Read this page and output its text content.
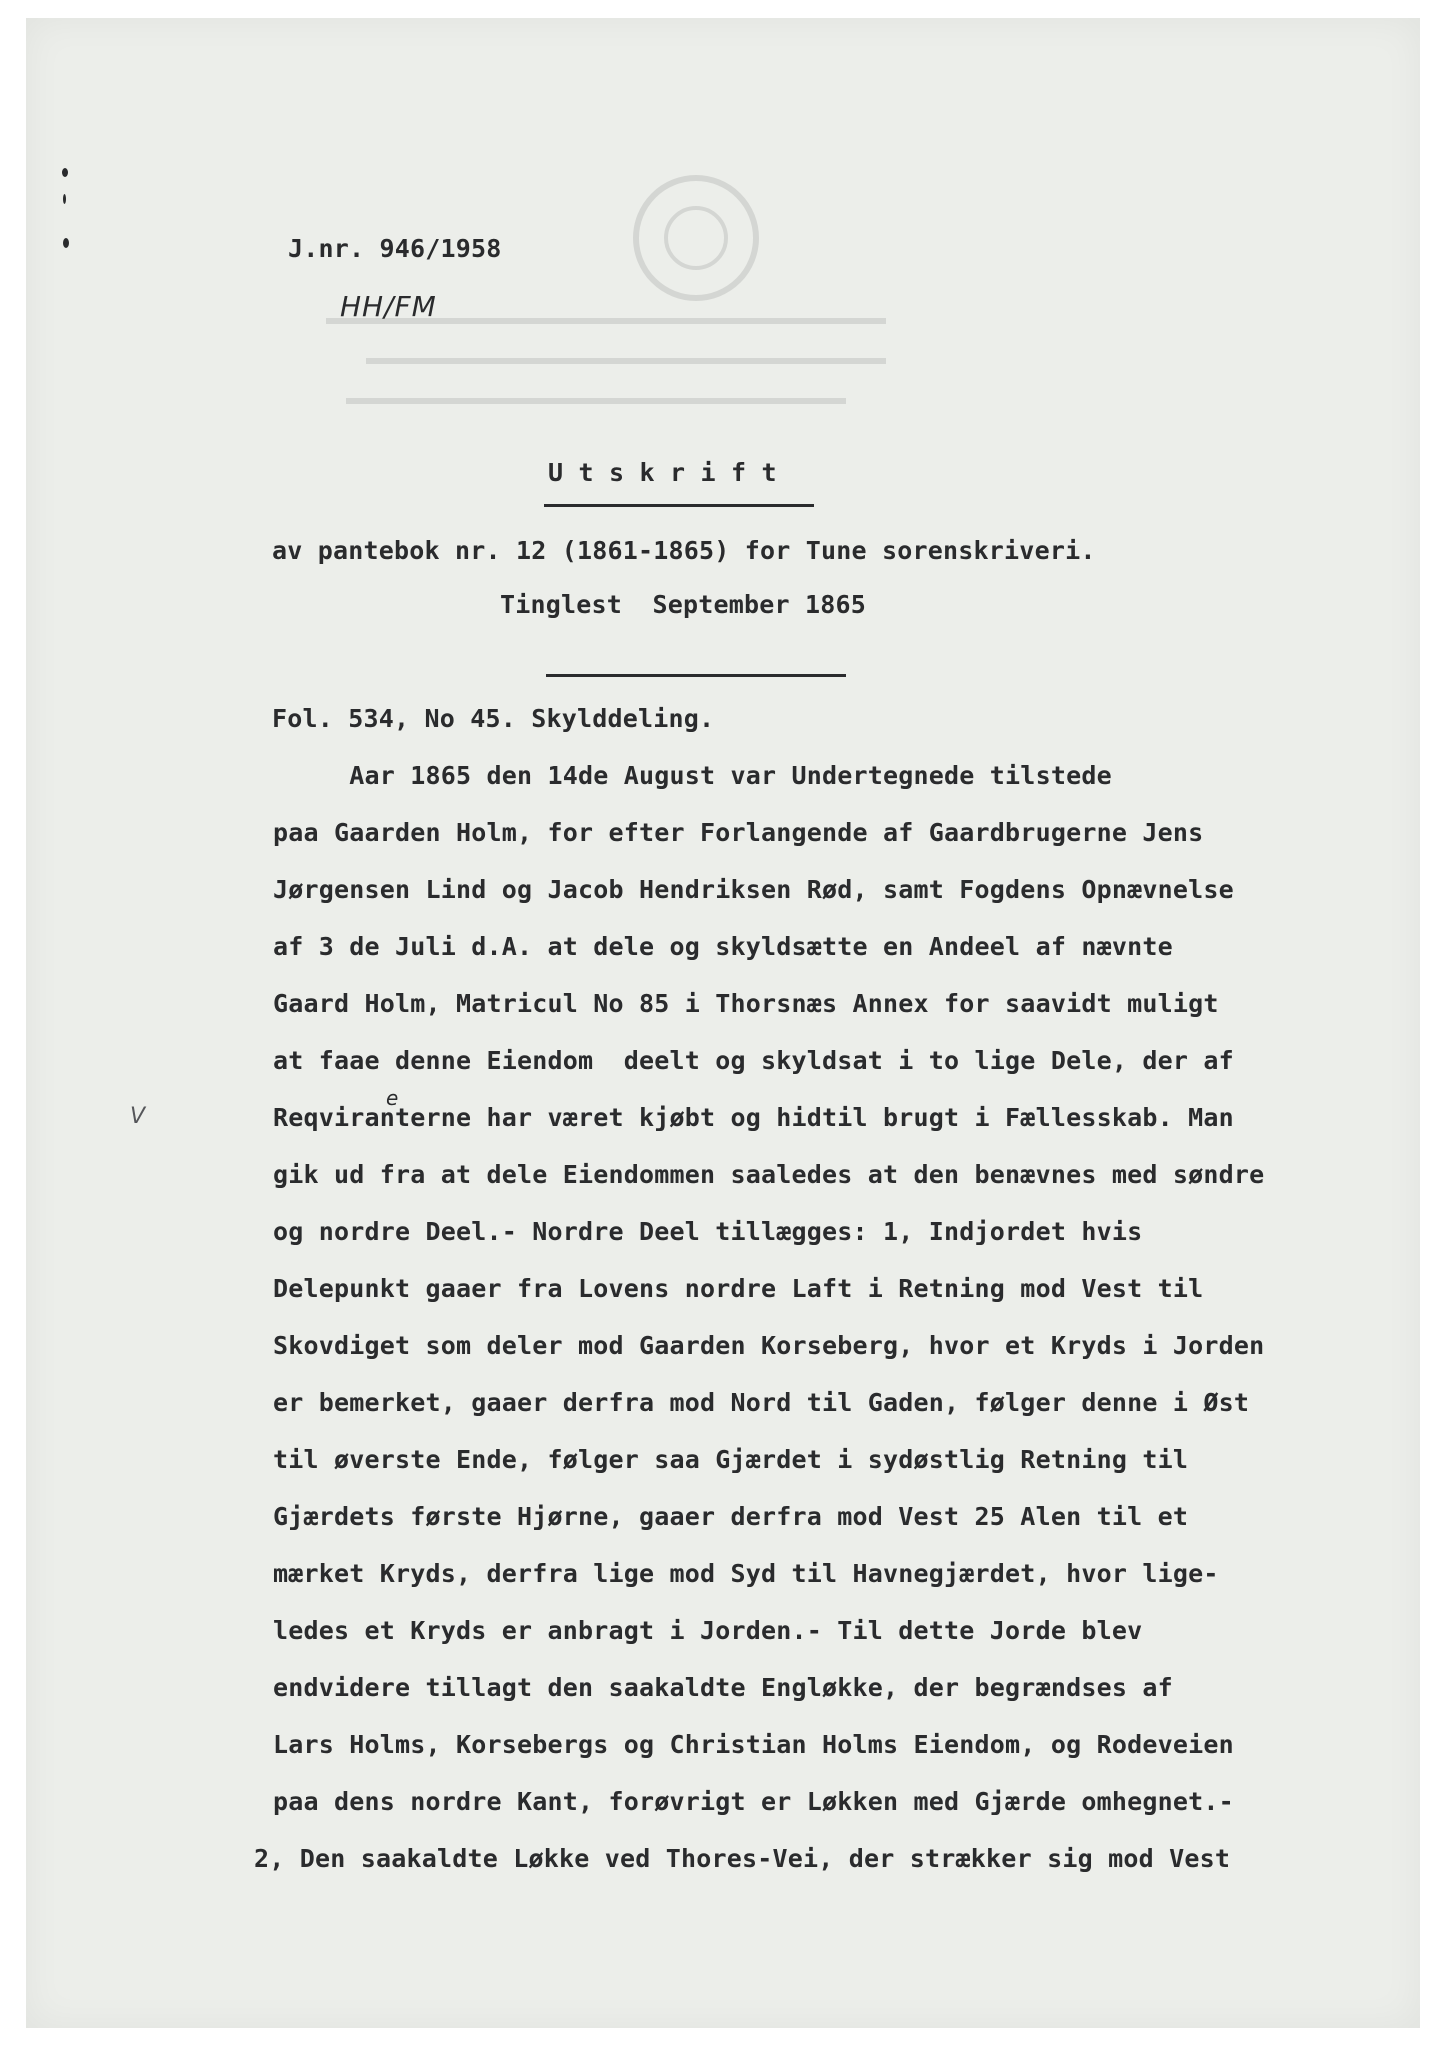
J.nr. 946/1958
HH/FM
U t s k r i f t
av pantebok nr. 12 (1861-1865) for Tune sorenskriveri.
Tinglest  September 1865
Fol. 534, No 45. Skylddeling.
Aar 1865 den 14de August var Undertegnede tilstede
paa Gaarden Holm, for efter Forlangende af Gaardbrugerne Jens
Jørgensen Lind og Jacob Hendriksen Rød, samt Fogdens Opnævnelse
af 3 de Juli d.A. at dele og skyldsætte en Andeel af nævnte
Gaard Holm, Matricul No 85 i Thorsnæs Annex for saavidt muligt
at faae denne Eiendom  deelt og skyldsat i to lige Dele, der af
Reqviranterne har været kjøbt og hidtil brugt i Fællesskab. Man
gik ud fra at dele Eiendommen saaledes at den benævnes med søndre
og nordre Deel.- Nordre Deel tillægges: 1, Indjordet hvis
Delepunkt gaaer fra Lovens nordre Laft i Retning mod Vest til
Skovdiget som deler mod Gaarden Korseberg, hvor et Kryds i Jorden
er bemerket, gaaer derfra mod Nord til Gaden, følger denne i Øst
til øverste Ende, følger saa Gjærdet i sydøstlig Retning til
Gjærdets første Hjørne, gaaer derfra mod Vest 25 Alen til et
mærket Kryds, derfra lige mod Syd til Havnegjærdet, hvor lige-
ledes et Kryds er anbragt i Jorden.- Til dette Jorde blev
endvidere tillagt den saakaldte Engløkke, der begrændses af
Lars Holms, Korsebergs og Christian Holms Eiendom, og Rodeveien
paa dens nordre Kant, forøvrigt er Løkken med Gjærde omhegnet.-
2, Den saakaldte Løkke ved Thores-Vei, der strækker sig mod Vest
V
e
